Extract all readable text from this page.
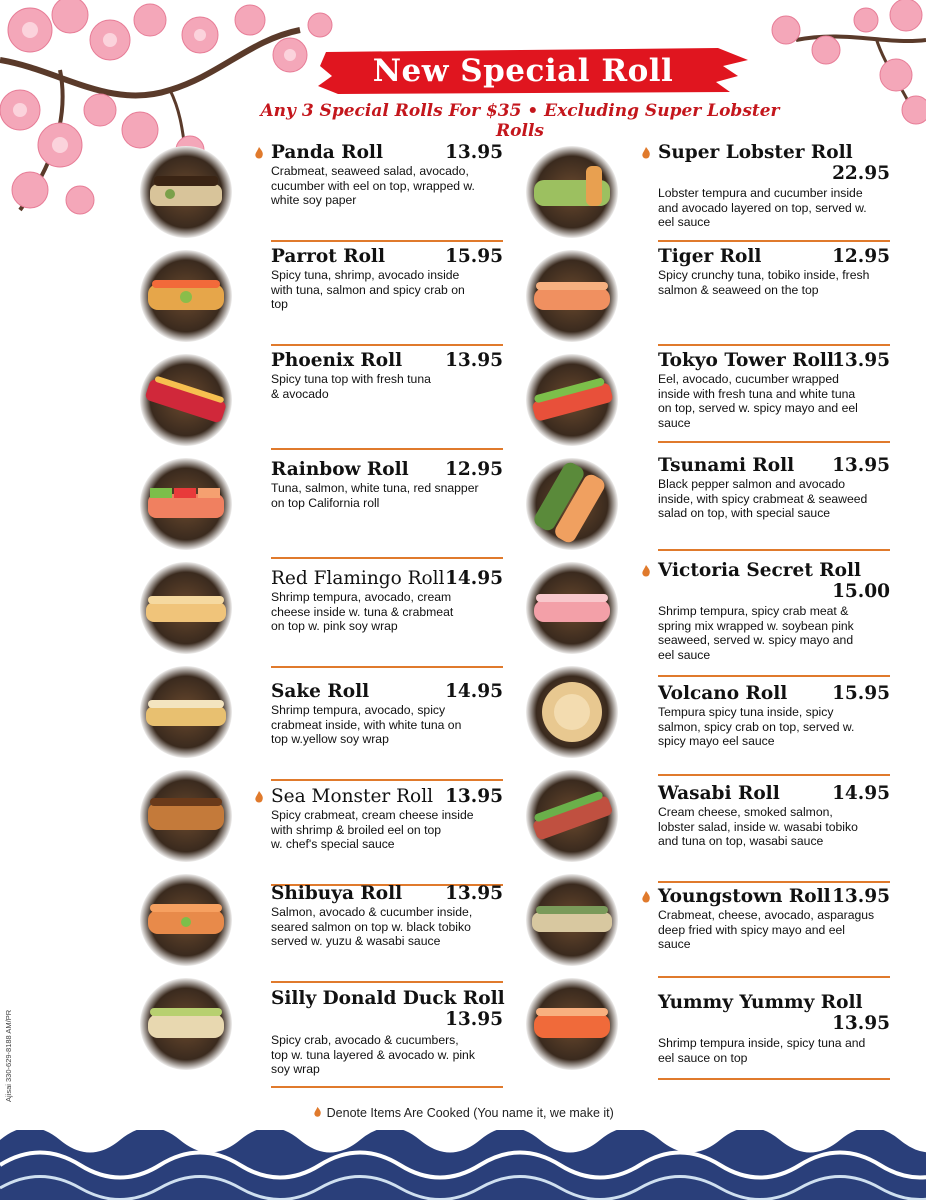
New Special Roll
Any 3 Special Rolls For $35 • Excluding Super Lobster Rolls
Panda Roll	13.95
Crabmeat, seaweed salad, avocado,
cucumber with eel on top, wrapped w.
white soy paper
Parrot Roll	15.95
Spicy tuna, shrimp, avocado inside
with tuna, salmon and spicy crab on
top
Phoenix Roll 13.95
Spicy tuna top with fresh tuna
& avocado
Rainbow Roll 12.95
Tuna, salmon, white tuna, red snapper
on top California roll
Red Flamingo Roll 14.95
Shrimp tempura, avocado, cream
cheese inside w. tuna & crabmeat
on top w. pink soy wrap
Sake Roll	14.95
Shrimp tempura, avocado, spicy
crabmeat inside, with white tuna on
top w.yellow soy wrap
Sea Monster Roll 13.95
Spicy crabmeat, cream cheese inside
with shrimp & broiled eel on top
w. chef's special sauce
Shibuya Roll 13.95
Salmon, avocado & cucumber inside,
seared salmon on top w. black tobiko
served w. yuzu & wasabi sauce
Silly Donald Duck Roll
13.95
Spicy crab, avocado & cucumbers,
top w. tuna layered & avocado w. pink
soy wrap
Super Lobster Roll
22.95
Lobster tempura and cucumber inside
and avocado layered on top, served w.
eel sauce
Tiger Roll	12.95
Spicy crunchy tuna, tobiko inside, fresh
salmon & seaweed on the top
Tokyo Tower Roll
13.95
Eel, avocado, cucumber wrapped
inside with fresh tuna and white tuna
on top, served w. spicy mayo and eel
sauce
Tsunami Roll 13.95
Black pepper salmon and avocado
inside, with spicy crabmeat & seaweed
salad on top, with special sauce
Victoria Secret Roll
15.00
Shrimp tempura, spicy crab meat &
spring mix wrapped w. soybean pink
seaweed, served w. spicy mayo and
eel sauce
Volcano Roll 15.95
Tempura spicy tuna inside, spicy
salmon, spicy crab on top, served w.
spicy mayo eel sauce
Wasabi Roll	14.95
Cream cheese, smoked salmon,
lobster salad, inside w. wasabi tobiko
and tuna on top, wasabi sauce
Youngstown Roll 13.95
Crabmeat, cheese, avocado, asparagus
deep fried with spicy mayo and eel
sauce
Yummy Yummy Roll
13.95
Shrimp tempura inside, spicy tuna and
eel sauce on top
Denote Items Are Cooked (You name it, we make it)
Ajisai 330-629-8188 AM/PR
